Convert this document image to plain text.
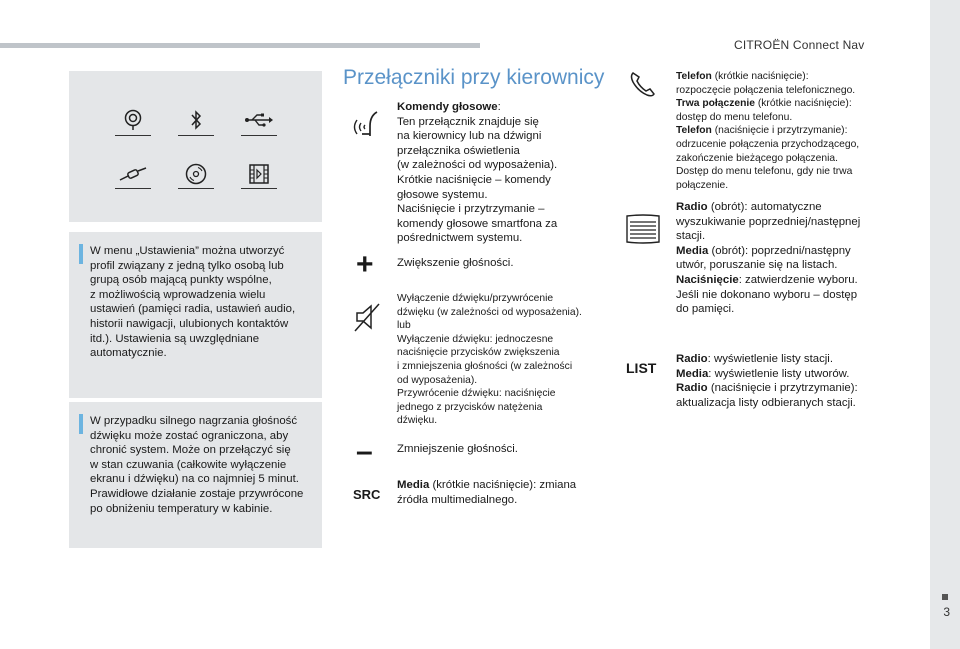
CITROËN Connect Nav
3
W menu „Ustawienia” można utworzyć
profil związany z jedną tylko osobą lub
grupą osób mającą punkty wspólne,
z możliwością wprowadzenia wielu
ustawień (pamięci radia, ustawień audio,
historii nawigacji, ulubionych kontaktów
itd.). Ustawienia są uwzględniane
automatycznie.
W przypadku silnego nagrzania głośność
dźwięku może zostać ograniczona, aby
chronić system. Może on przełączyć się
w stan czuwania (całkowite wyłączenie
ekranu i dźwięku) na co najmniej 5 minut.
Prawidłowe działanie zostaje przywrócone
po obniżeniu temperatury w kabinie.
Przełączniki przy kierownicy
Komendy głosowe:
Ten przełącznik znajduje się
na kierownicy lub na dźwigni
przełącznika oświetlenia
(w zależności od wyposażenia).
Krótkie naciśnięcie – komendy
głosowe systemu.
Naciśnięcie i przytrzymanie –
komendy głosowe smartfona za
pośrednictwem systemu.
+ Zwiększenie głośności.
Wyłączenie dźwięku/przywrócenie
dźwięku (w zależności od wyposażenia).
lub
Wyłączenie dźwięku: jednoczesne
naciśnięcie przycisków zwiększenia
i zmniejszenia głośności (w zależności
od wyposażenia).
Przywrócenie dźwięku: naciśnięcie
jednego z przycisków natężenia
dźwięku.
– Zmniejszenie głośności.
SRC
Media (krótkie naciśnięcie): zmiana
źródła multimedialnego.
Telefon (krótkie naciśnięcie):
rozpoczęcie połączenia telefonicznego.
Trwa połączenie (krótkie naciśnięcie):
dostęp do menu telefonu.
Telefon (naciśnięcie i przytrzymanie):
odrzucenie połączenia przychodzącego,
zakończenie bieżącego połączenia.
Dostęp do menu telefonu, gdy nie trwa
połączenie.
Radio (obrót): automatyczne
wyszukiwanie poprzedniej/następnej
stacji.
Media (obrót): poprzedni/następny
utwór, poruszanie się na listach.
Naciśnięcie: zatwierdzenie wyboru.
Jeśli nie dokonano wyboru – dostęp
do pamięci.
LIST
Radio: wyświetlenie listy stacji.
Media: wyświetlenie listy utworów.
Radio (naciśnięcie i przytrzymanie):
aktualizacja listy odbieranych stacji.
